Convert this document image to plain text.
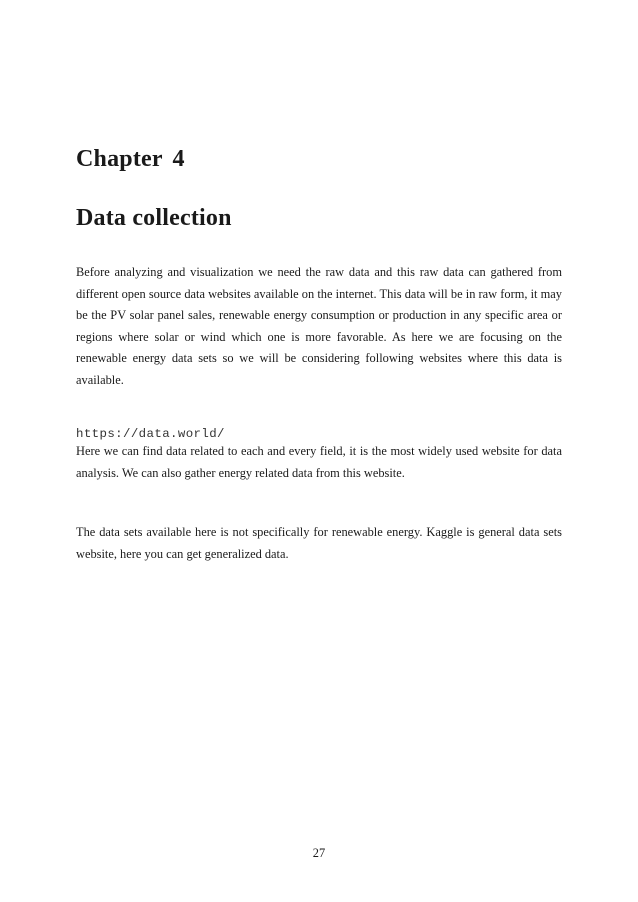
Chapter 4
Data collection

Before analyzing and visualization we need the raw data and this raw data can gathered from different open source data websites available on the internet. This data will be in raw form, it may be the PV solar panel sales, renewable energy consumption or production in any specific area or regions where solar or wind which one is more favorable. As here we are focusing on the renewable energy data sets so we will be considering following websites where this data is available.

https://data.world/

Here we can find data related to each and every field, it is the most widely used website for data analysis. We can also gather energy related data from this website.

The data sets available here is not specifically for renewable energy. Kaggle is general data sets website, here you can get generalized data.

27
